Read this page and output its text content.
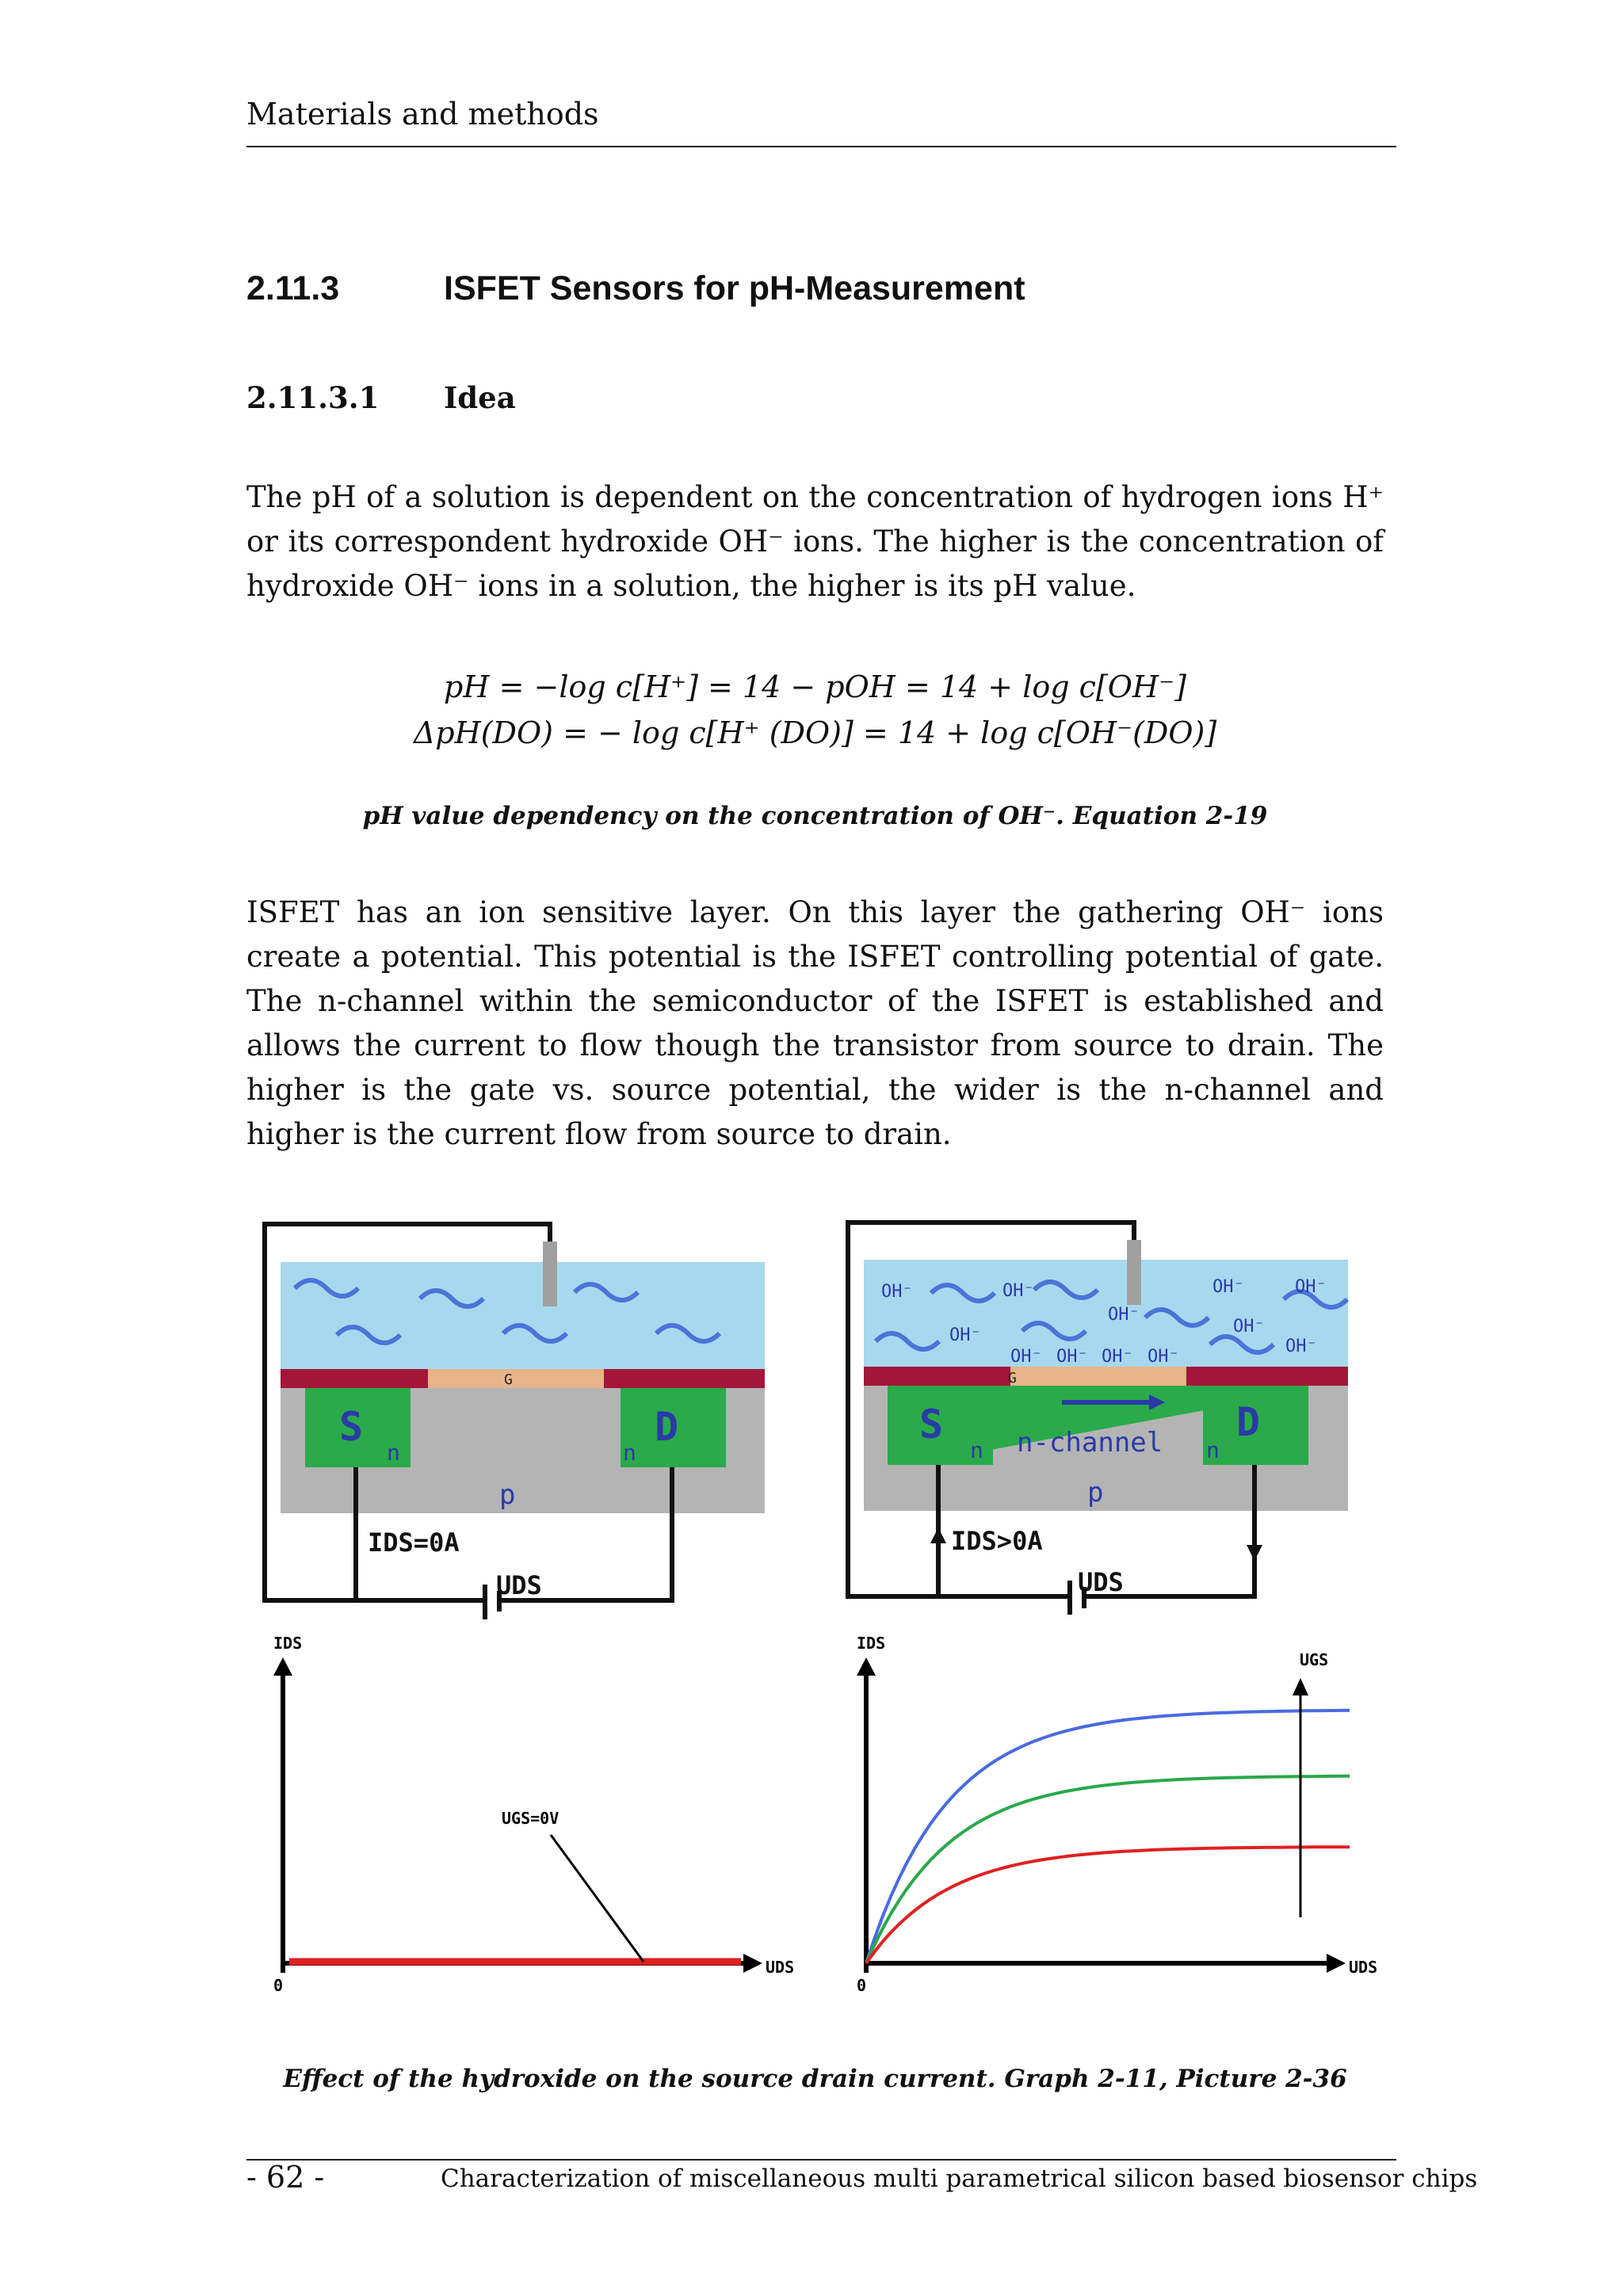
Materials and methods
2.11.3	ISFET Sensors for pH-Measurement
2.11.3.1 Idea
The pH of a solution is dependent on the concentration of hydrogen ions H⁺ or its correspondent hydroxide OH⁻ ions. The higher is the concentration of hydroxide OH⁻ ions in a solution, the higher is its pH value.
pH = −log c[H⁺] = 14 − pOH = 14 + log c[OH⁻]
ΔpH(DO) = − log c[H⁺ (DO)] = 14 + log c[OH⁻(DO)]
pH value dependency on the concentration of OH⁻. Equation 2-19
ISFET has an ion sensitive layer. On this layer the gathering OH⁻ ions create a potential. This potential is the ISFET controlling potential of gate. The n-channel within the semiconductor of the ISFET is established and allows the current to flow though the transistor from source to drain. The higher is the gate vs. source potential, the wider is the n-channel and higher is the current flow from source to drain.
G
S	D
n	n
p
IDS=0A
UDS
OH⁻	OH⁻
OH⁻
OH⁻	OH⁻
OH⁻
OH⁻
OH⁻
OH⁻ OH⁻ OH⁻ OH⁻
G
S	D
n	n
n-channel
p
IDS>0A
UDS
IDS
UDS
0
UGS=0V
IDS
UDS
0
UGS
Effect of the hydroxide on the source drain current. Graph 2-11, Picture 2-36
- 62 -	Characterization of miscellaneous multi parametrical silicon based biosensor chips
